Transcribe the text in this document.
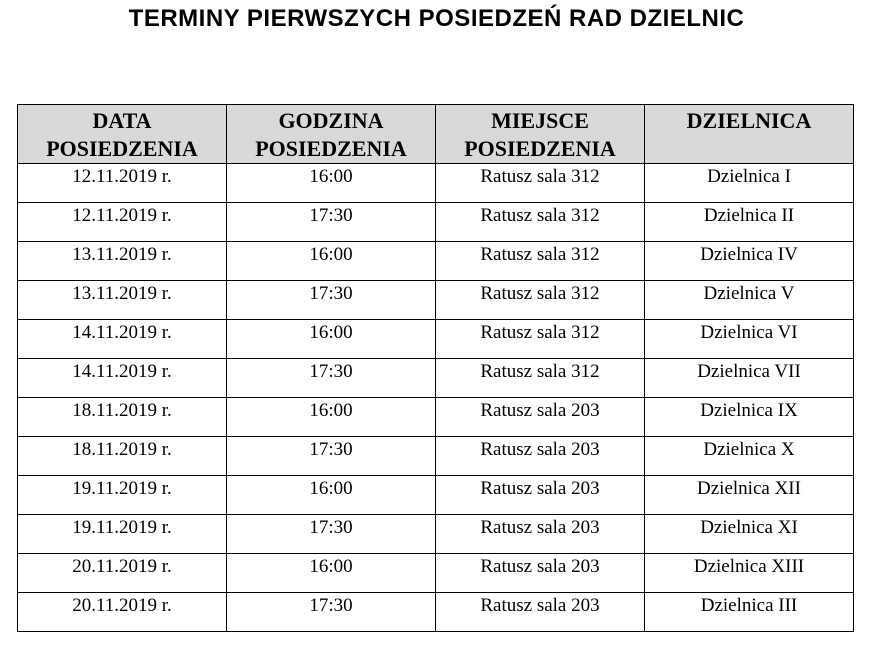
TERMINY PIERWSZYCH POSIEDZEŃ RAD DZIELNIC
DATA POSIEDZENIA	GODZINA POSIEDZENIA	MIEJSCE POSIEDZENIA	DZIELNICA
12.11.2019 r.	16:00	Ratusz sala 312	Dzielnica I
12.11.2019 r.	17:30	Ratusz sala 312	Dzielnica II
13.11.2019 r.	16:00	Ratusz sala 312	Dzielnica IV
13.11.2019 r.	17:30	Ratusz sala 312	Dzielnica V
14.11.2019 r.	16:00	Ratusz sala 312	Dzielnica VI
14.11.2019 r.	17:30	Ratusz sala 312	Dzielnica VII
18.11.2019 r.	16:00	Ratusz sala 203	Dzielnica IX
18.11.2019 r.	17:30	Ratusz sala 203	Dzielnica X
19.11.2019 r.	16:00	Ratusz sala 203	Dzielnica XII
19.11.2019 r.	17:30	Ratusz sala 203	Dzielnica XI
20.11.2019 r.	16:00	Ratusz sala 203	Dzielnica XIII
20.11.2019 r.	17:30	Ratusz sala 203	Dzielnica III
